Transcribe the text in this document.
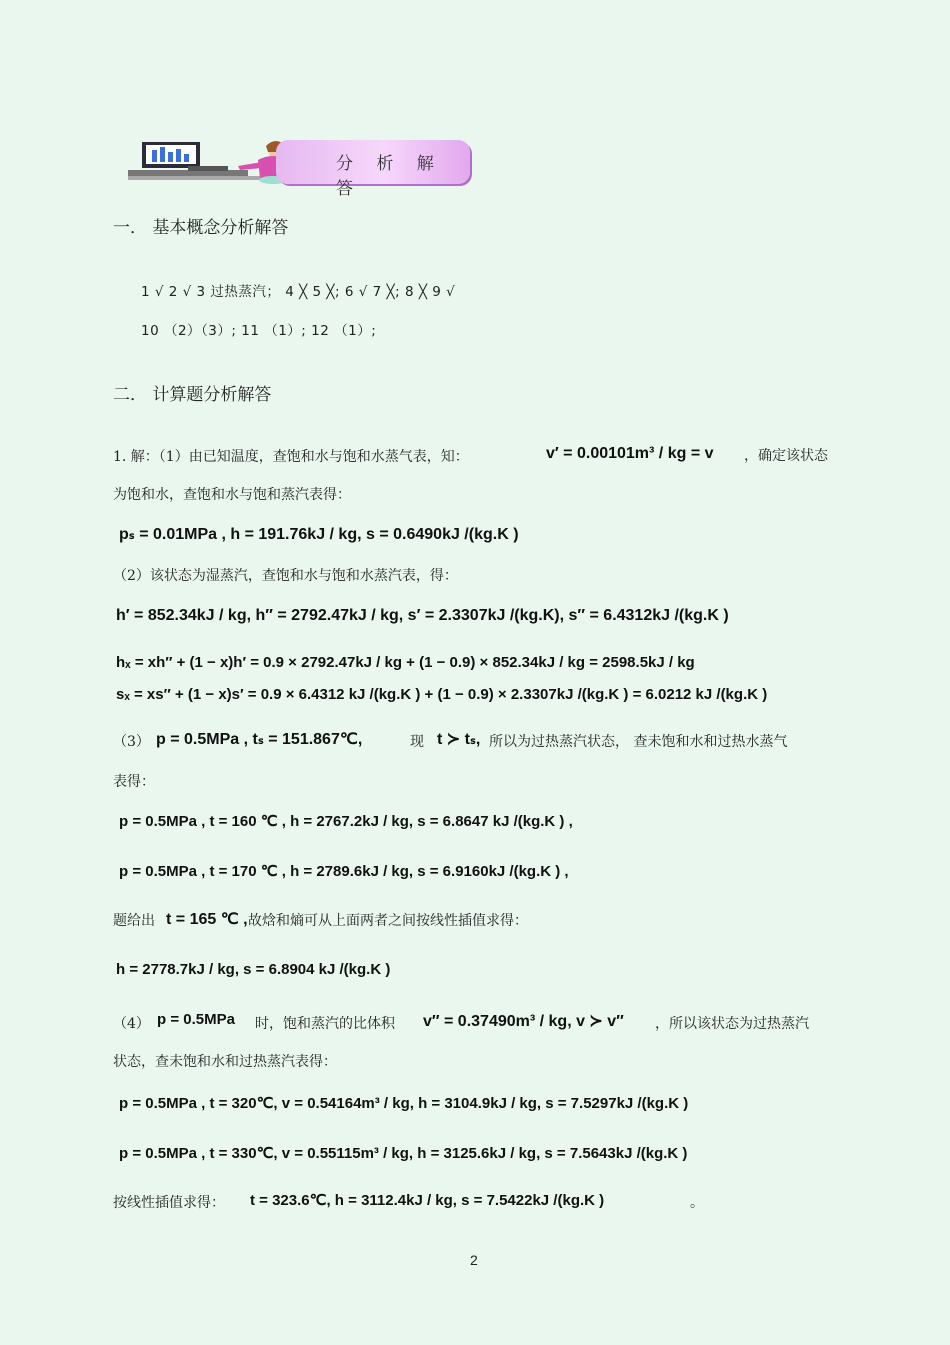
分 析 解 答
一． 基本概念分析解答
1 √ 2 √ 3 过热蒸汽； 4 ╳ 5 ╳; 6 √ 7 ╳; 8 ╳ 9 √
10 （2）（3）; 11 （1）; 12 （1）;
二． 计算题分析解答
1. 解：（1）由已知温度，查饱和水与饱和水蒸气表，知：	v′ = 0.00101m³ / kg = v ，确定该状态
为饱和水，查饱和水与饱和蒸汽表得：
pₛ = 0.01MPa , h = 191.76kJ / kg, s = 0.6490kJ /(kg.K )
（2）该状态为湿蒸汽，查饱和水与饱和水蒸汽表，得：
h′ = 852.34kJ / kg, h″ = 2792.47kJ / kg, s′ = 2.3307kJ /(kg.K), s″ = 6.4312kJ /(kg.K )
hₓ = xh″ + (1 − x)h′ = 0.9 × 2792.47kJ / kg + (1 − 0.9) × 852.34kJ / kg = 2598.5kJ / kg
sₓ = xs″ + (1 − x)s′ = 0.9 × 6.4312 kJ /(kg.K ) + (1 − 0.9) × 2.3307kJ /(kg.K ) = 6.0212 kJ /(kg.K )
（3） p = 0.5MPa , tₛ = 151.867℃,	现 t ≻ tₛ, 所以为过热蒸汽状态， 查未饱和水和过热水蒸气
表得：
p = 0.5MPa , t = 160 ℃ , h = 2767.2kJ / kg, s = 6.8647 kJ /(kg.K ) ,
p = 0.5MPa , t = 170 ℃ , h = 2789.6kJ / kg, s = 6.9160kJ /(kg.K ) ,
题给出 t = 165 ℃ , 故焓和熵可从上面两者之间按线性插值求得：
h = 2778.7kJ / kg, s = 6.8904 kJ /(kg.K )
（4） p = 0.5MPa 时，饱和蒸汽的比体积 v″ = 0.37490m³ / kg, v ≻ v″ ，所以该状态为过热蒸汽
状态，查未饱和水和过热蒸汽表得：
p = 0.5MPa , t = 320℃, v = 0.54164m³ / kg, h = 3104.9kJ / kg, s = 7.5297kJ /(kg.K )
p = 0.5MPa , t = 330℃, v = 0.55115m³ / kg, h = 3125.6kJ / kg, s = 7.5643kJ /(kg.K )
按线性插值求得： t = 323.6℃, h = 3112.4kJ / kg, s = 7.5422kJ /(kg.K )	。
2
